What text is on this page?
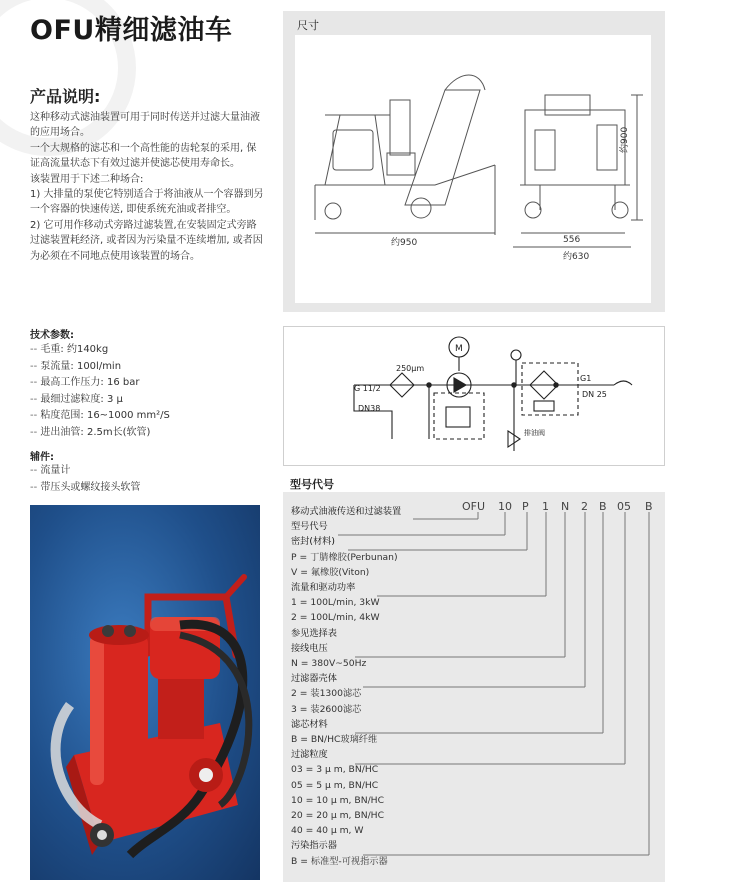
OFU精细滤油车
产品说明:

这种移动式滤油装置可用于同时传送并过滤大量油液的应用场合。

一个大规格的滤芯和一个高性能的齿轮泵的采用, 保证高流量状态下有效过滤并使滤芯使用寿命长。

该装置用于下述二种场合:

1) 大排量的泵使它特别适合于将油液从一个容器到另一个容器的快速传送, 即使系统充油或者排空。

2) 它可用作移动式旁路过滤装置,在安装固定式旁路过滤装置耗经济, 或者因为污染量不连续增加, 或者因为必须在不同地点使用该装置的场合。

技术参数:
-- 毛重: 约140kg
-- 泵流量: 100l/min
-- 最高工作压力: 16 bar
-- 最细过滤粒度: 3 μ
-- 粘度范围: 16~1000 mm²/S
-- 进出油管: 2.5m长(软管)
辅件:
-- 流量计
-- 带压头或螺纹接头软管
尺寸
约950	556
约630
约900
250μm
M
G 11/2
DN38
G1
DN 25
排油阀
型号代号
OFU 10 P 1 N 2 B 05 B
移动式油液传送和过滤装置
型号代号
密封(材料)
P = 丁腈橡胶(Perbunan)
V = 氟橡胶(Viton)
流量和驱动功率
1 = 100L/min, 3kW
2 = 100L/min, 4kW
参见选择表
接线电压
N = 380V~50Hz
过滤器壳体
2 = 装1300滤芯
3 = 装2600滤芯
滤芯材料
B = BN/HC玻璃纤维
过滤粒度
03 = 3 μ m, BN/HC
05 = 5 μ m, BN/HC
10 = 10 μ m, BN/HC
20 = 20 μ m, BN/HC
40 = 40 μ m, W
污染指示器
B = 标准型-可视指示器
